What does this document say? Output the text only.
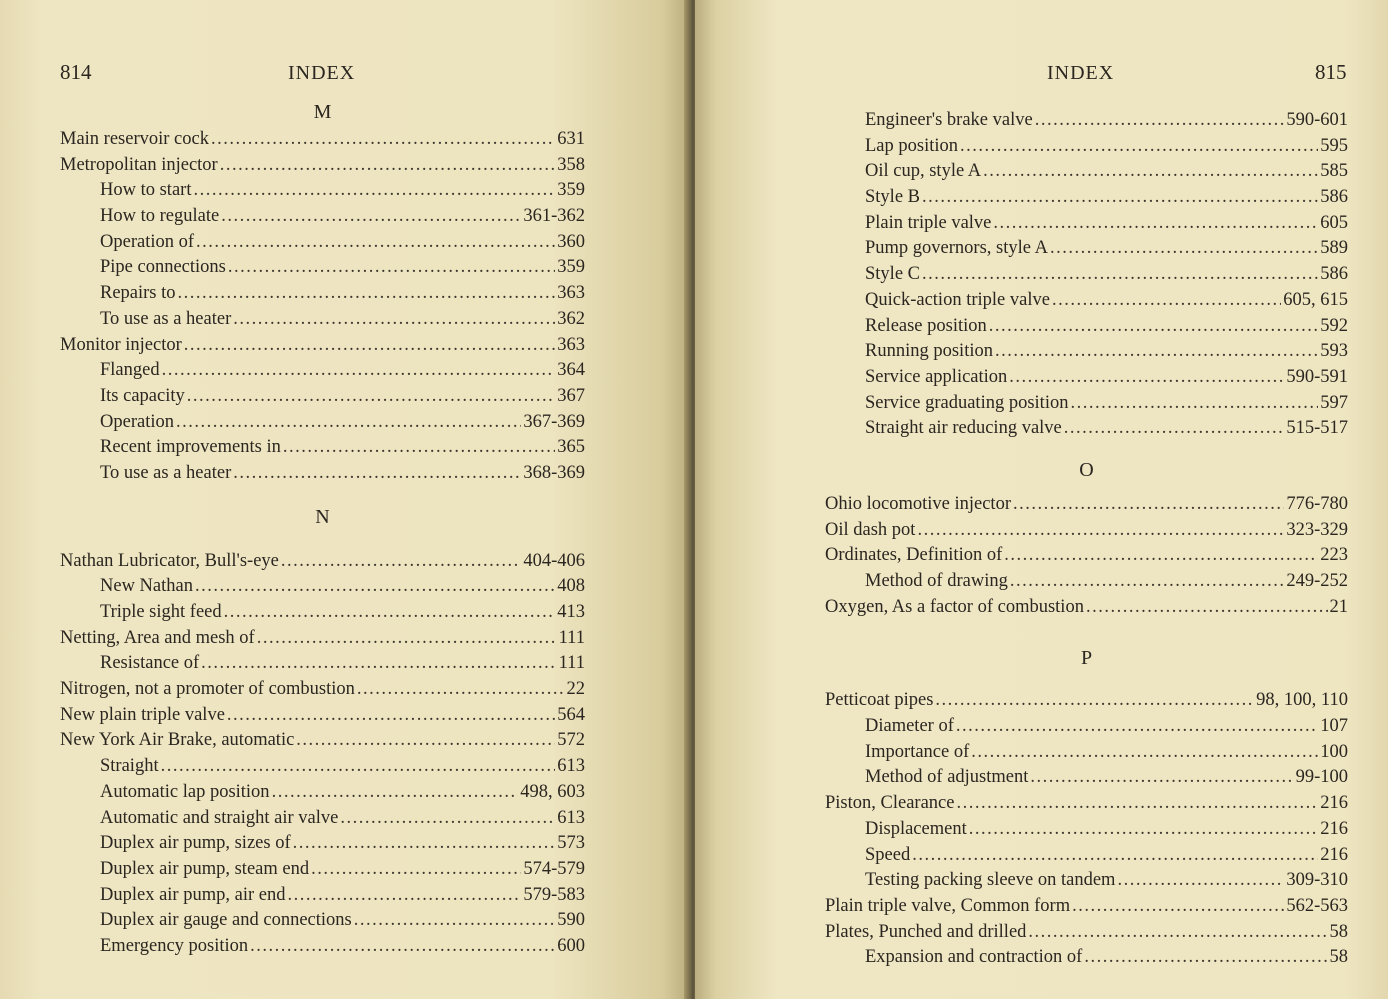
814	INDEX
M
Main reservoir cock .....	631
Metropolitan injector .....	358
How to start .....	359
How to regulate .....	361-362
Operation of .....	360
Pipe connections .....	359
Repairs to .....	363
To use as a heater .....	362
Monitor injector .....	363
Flanged .....	364
Its capacity .....	367
Operation .....	367-369
Recent improvements in .....	365
To use as a heater .....	368-369
N
Nathan Lubricator, Bull's-eye .....	404-406
New Nathan .....	408
Triple sight feed .....	413
Netting, Area and mesh of .....	111
Resistance of .....	111
Nitrogen, not a promoter of combustion .....	22
New plain triple valve .....	564
New York Air Brake, automatic .....	572
Straight .....	613
Automatic lap position .....	498, 603
Automatic and straight air valve .....	613
Duplex air pump, sizes of .....	573
Duplex air pump, steam end .....	574-579
Duplex air pump, air end .....	579-583
Duplex air gauge and connections .....	590
Emergency position .....	600
INDEX	815
Engineer's brake valve .....	590-601
Lap position .....	595
Oil cup, style A .....	585
Style B .....	586
Plain triple valve .....	605
Pump governors, style A .....	589
Style C .....	586
Quick-action triple valve .....	605, 615
Release position .....	592
Running position .....	593
Service application .....	590-591
Service graduating position .....	597
Straight air reducing valve .....	515-517
O
Ohio locomotive injector .....	776-780
Oil dash pot .....	323-329
Ordinates, Definition of .....	223
Method of drawing .....	249-252
Oxygen, As a factor of combustion .....	21
P
Petticoat pipes .....	98, 100, 110
Diameter of .....	107
Importance of .....	100
Method of adjustment .....	99-100
Piston, Clearance .....	216
Displacement .....	216
Speed .....	216
Testing packing sleeve on tandem .....	309-310
Plain triple valve, Common form .....	562-563
Plates, Punched and drilled .....	58
Expansion and contraction of .....	58
